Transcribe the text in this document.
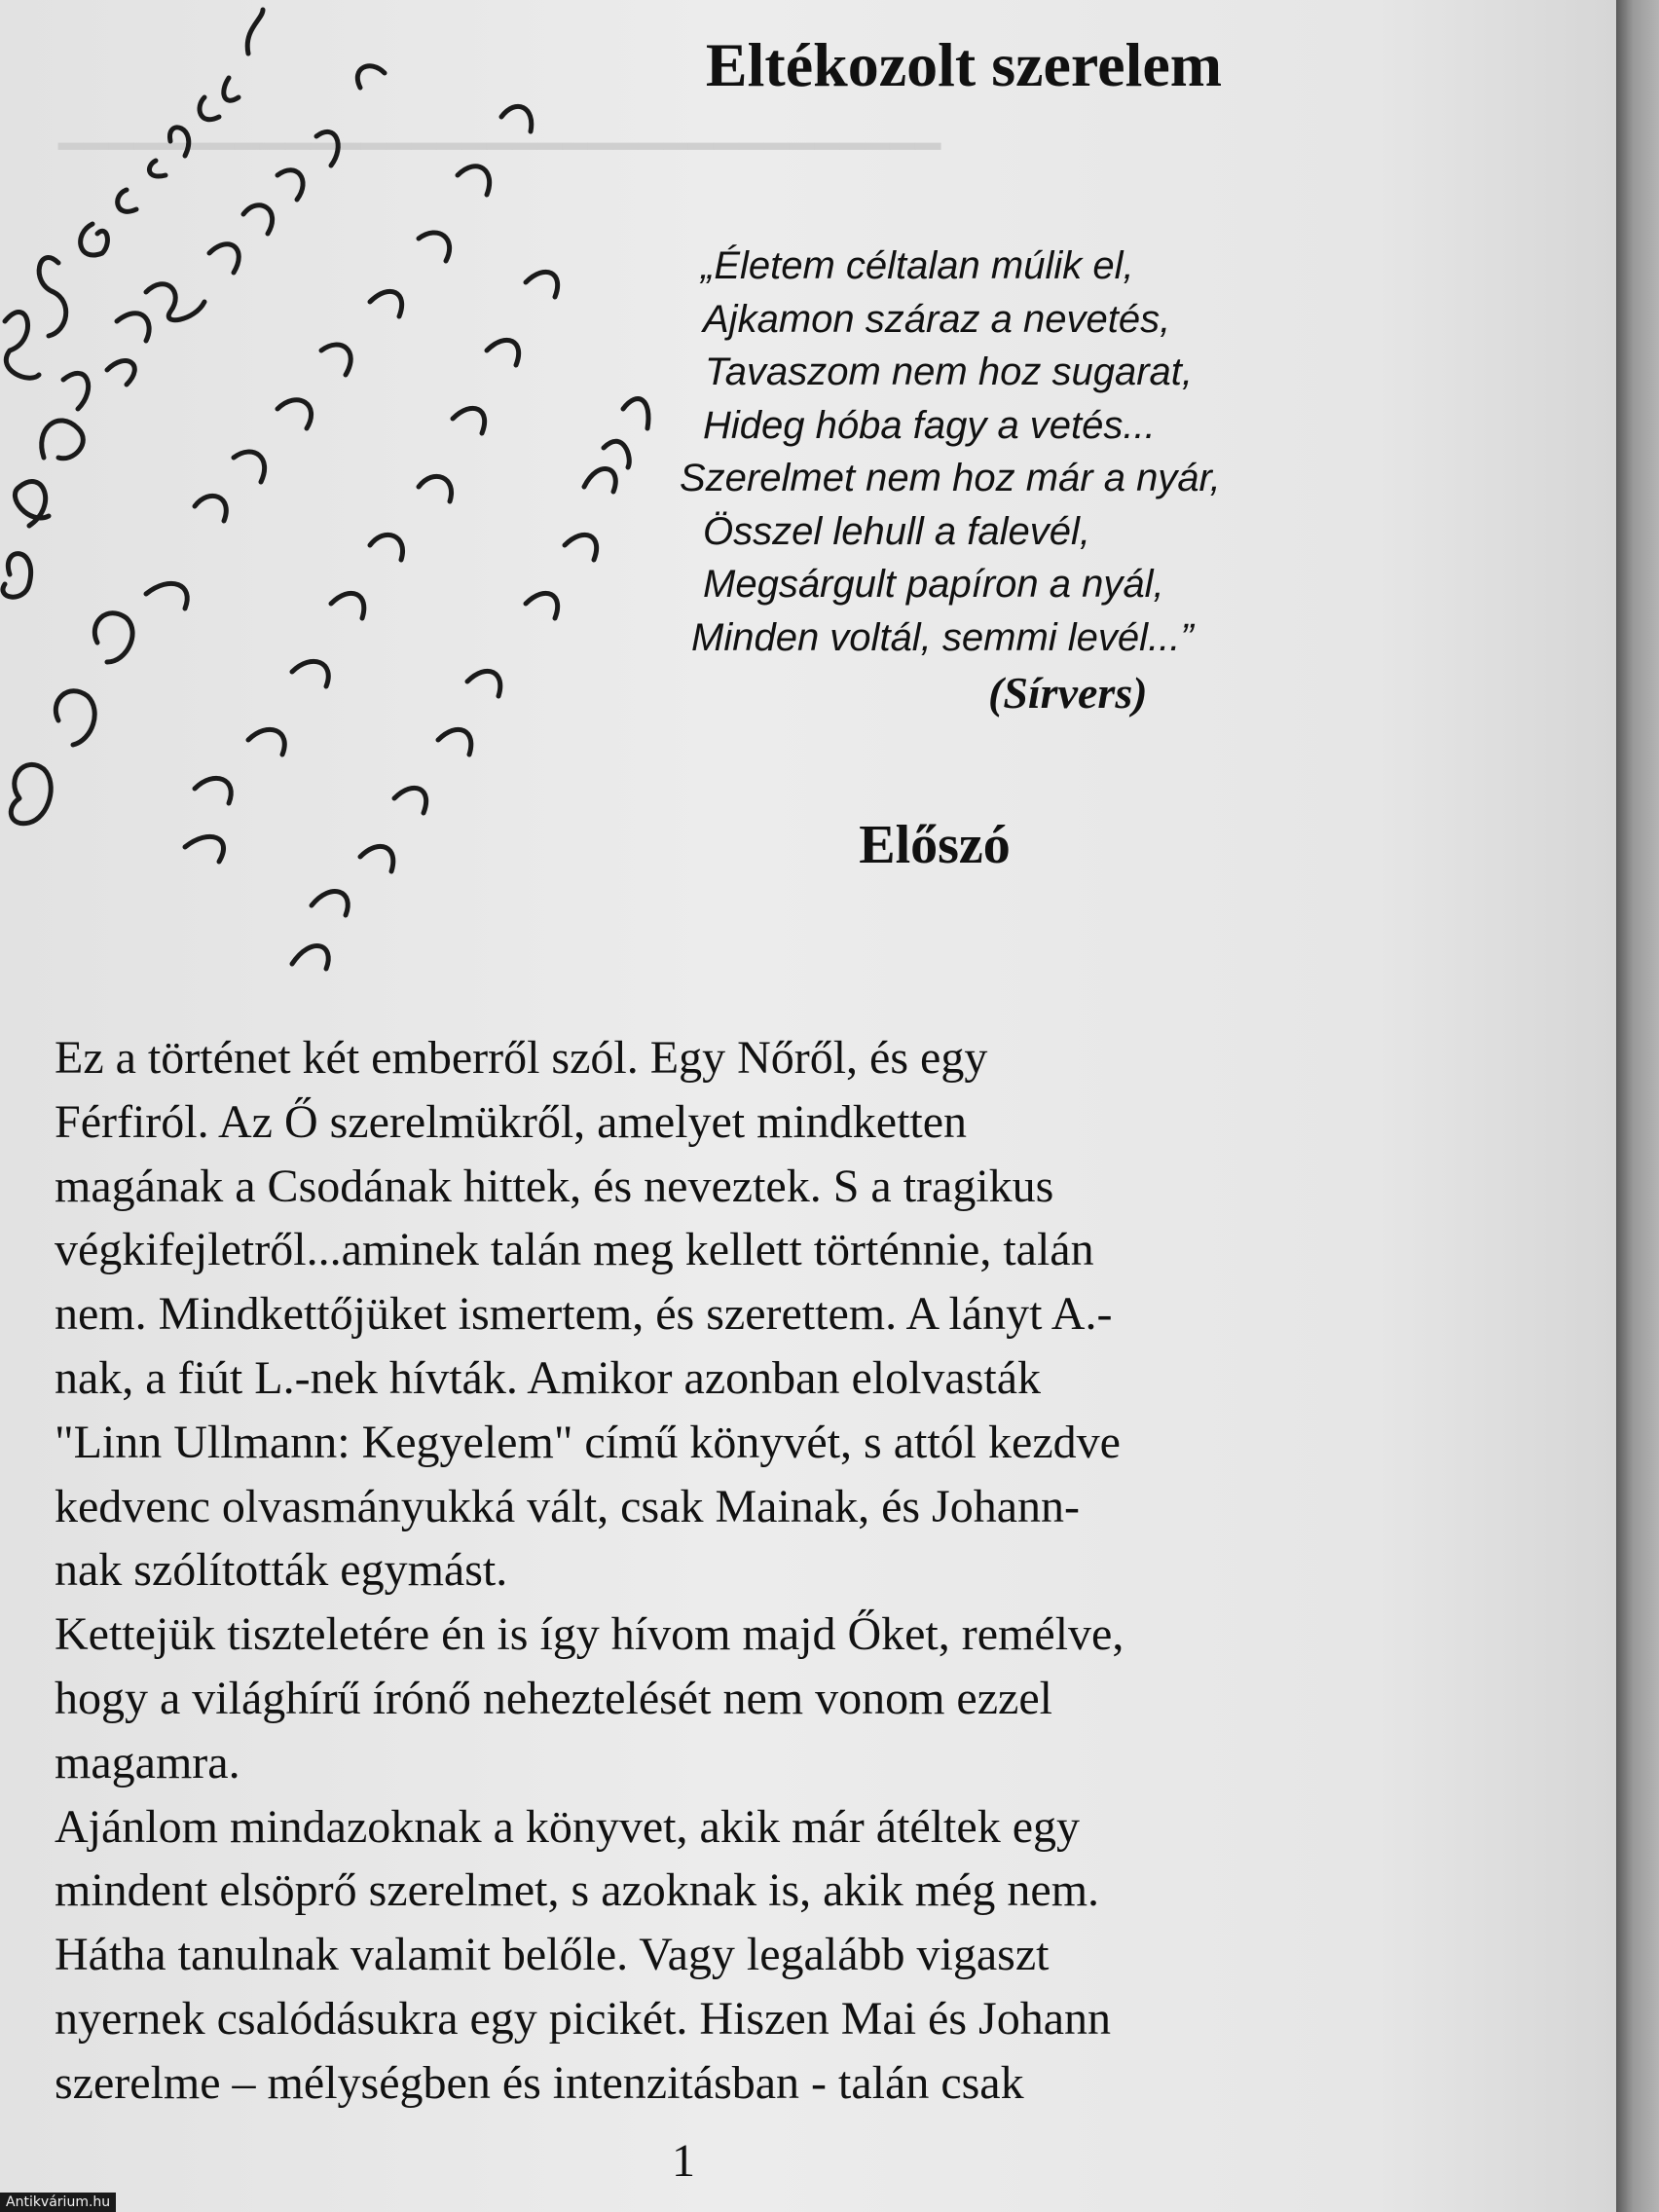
━━━━━━━━━━━━━━━━━━━━━━━━━━━━━━━━━━━
Eltékozolt szerelem
„Életem céltalan múlik el,
Ajkamon száraz a nevetés,
Tavaszom nem hoz sugarat,
Hideg hóba fagy a vetés...
Szerelmet nem hoz már a nyár,
Összel lehull a falevél,
Megsárgult papíron a nyál,
Minden voltál, semmi levél...”
(Sírvers)
Előszó
Ez a történet két emberről szól. Egy Nőről, és egy
Férfiról. Az Ő szerelmükről, amelyet mindketten
magának a Csodának hittek, és neveztek. S a tragikus
végkifejletről...aminek talán meg kellett történnie, talán
nem. Mindkettőjüket ismertem, és szerettem. A lányt A.-
nak, a fiút L.-nek hívták. Amikor azonban elolvasták
"Linn Ullmann: Kegyelem" című könyvét, s attól kezdve
kedvenc olvasmányukká vált, csak Mainak, és Johann-
nak szólították egymást.
Kettejük tiszteletére én is így hívom majd Őket, remélve,
hogy a világhírű írónő neheztelését nem vonom ezzel
magamra.
Ajánlom mindazoknak a könyvet, akik már átéltek egy
mindent elsöprő szerelmet, s azoknak is, akik még nem.
Hátha tanulnak valamit belőle. Vagy legalább vigaszt
nyernek csalódásukra egy picikét. Hiszen Mai és Johann
szerelme – mélységben és intenzitásban - talán csak
1
Antikvárium.hu
